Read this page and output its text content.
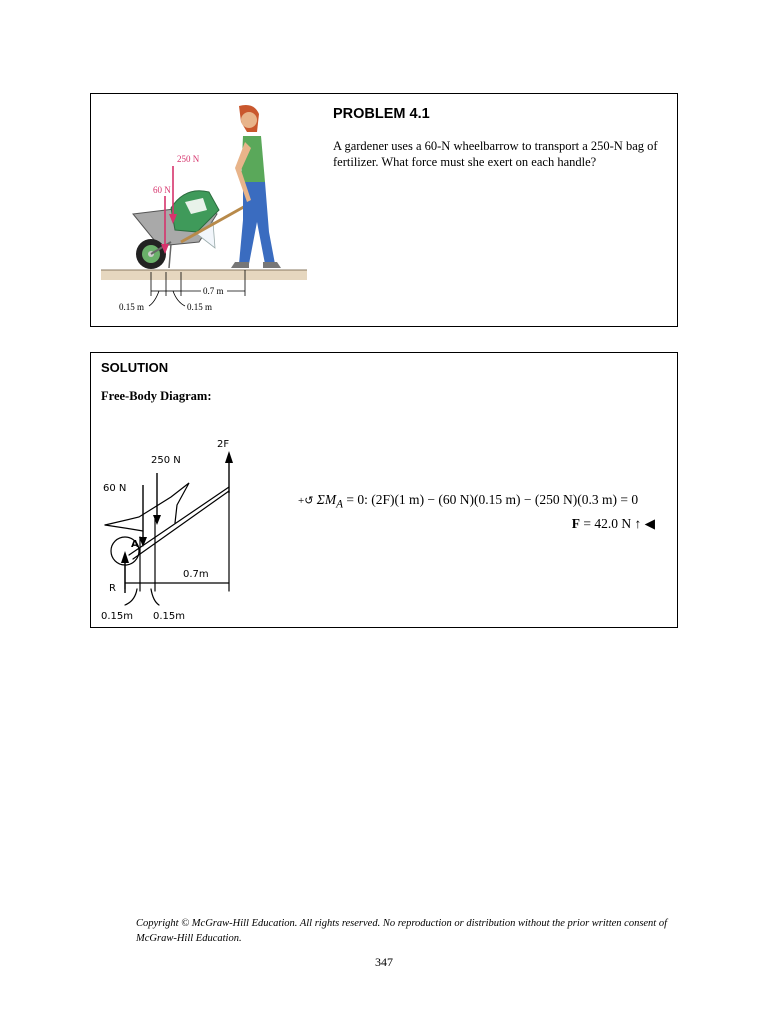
250 N
60 N
0.7 m
0.15 m	0.15 m
PROBLEM 4.1
A gardener uses a 60-N wheelbarrow to transport a 250-N bag of fertilizer. What force must she exert on each handle?
SOLUTION
Free-Body Diagram:
2F
250 N
60 N
A
R
0.7m
0.15m 0.15m
+↺ $\Sigma M_A = 0$: (2F)(1 m) − (60 N)(0.15 m) − (250 N)(0.3 m) = 0
F = 42.0 N ↑ ◀
Copyright © McGraw-Hill Education. All rights reserved. No reproduction or distribution without the prior written consent of McGraw-Hill Education.
347
